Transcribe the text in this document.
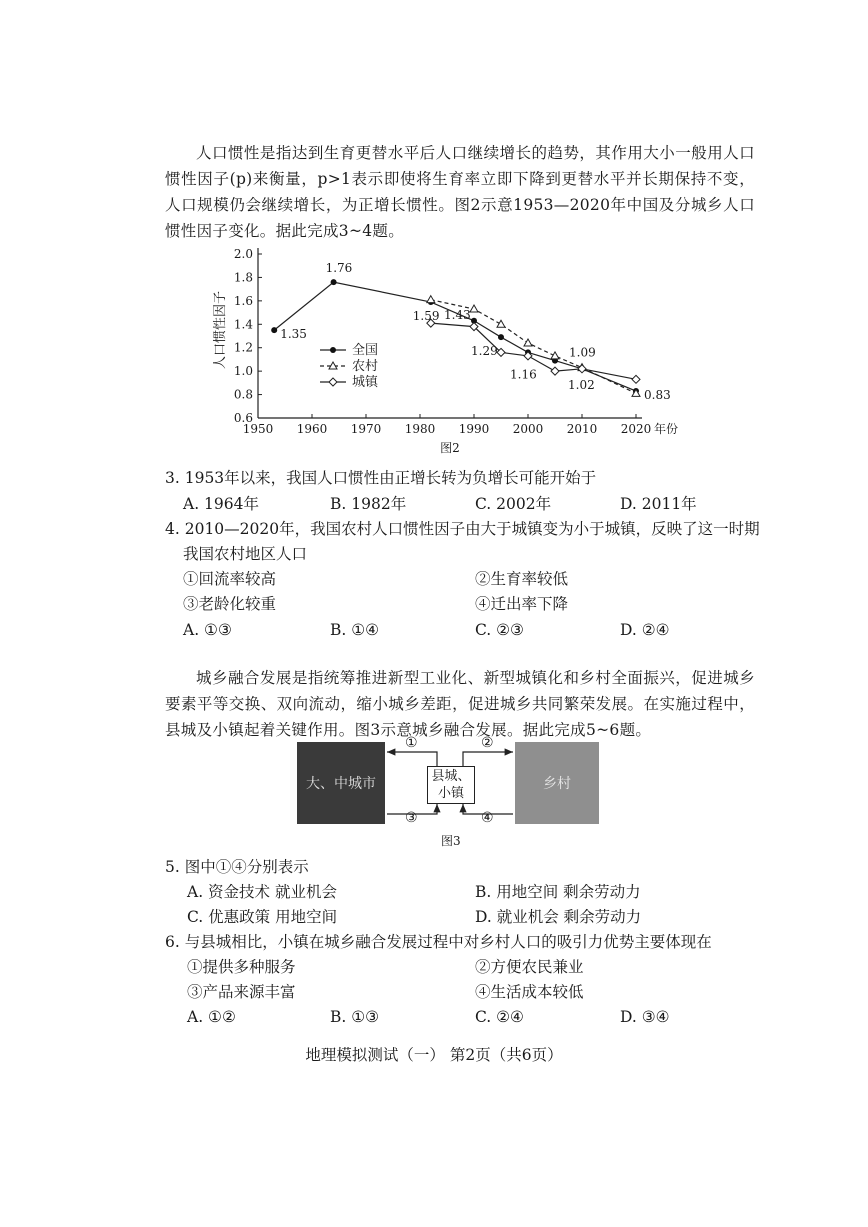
人口惯性是指达到生育更替水平后人口继续增长的趋势，其作用大小一般用人口惯性因子(p)来衡量，p>1表示即使将生育率立即下降到更替水平并长期保持不变，人口规模仍会继续增长，为正增长惯性。图2示意1953—2020年中国及分城乡人口惯性因子变化。据此完成3~4题。
1950 1960 1970 1980 1990 2000 2010 2020
0.6
0.8
1.0
1.2
1.4
1.6
1.8
2.0
年份
人口惯性因子
图2
1.35
1.76
1.59 1.43
1.29
1.16
1.09
1.02
0.83
全国
农村
城镇
3. 1953年以来，我国人口惯性由正增长转为负增长可能开始于
A. 1964年	B. 1982年	C. 2002年	D. 2011年
4. 2010—2020年，我国农村人口惯性因子由大于城镇变为小于城镇，反映了这一时期
我国农村地区人口
①回流率较高	②生育率较低
③老龄化较重	④迁出率下降
A. ①③	B. ①④	C. ②③	D. ②④
城乡融合发展是指统筹推进新型工业化、新型城镇化和乡村全面振兴，促进城乡要素平等交换、双向流动，缩小城乡差距，促进城乡共同繁荣发展。在实施过程中，县城及小镇起着关键作用。图3示意城乡融合发展。据此完成5~6题。
大、中城市	乡村
县城、
小镇
①	②
③	④
图3
5. 图中①④分别表示
A. 资金技术 就业机会	B. 用地空间 剩余劳动力
C. 优惠政策 用地空间	D. 就业机会 剩余劳动力
6. 与县城相比，小镇在城乡融合发展过程中对乡村人口的吸引力优势主要体现在
①提供多种服务	②方便农民兼业
③产品来源丰富	④生活成本较低
A. ①②	B. ①③	C. ②④	D. ③④
地理模拟测试（一） 第2页（共6页）
